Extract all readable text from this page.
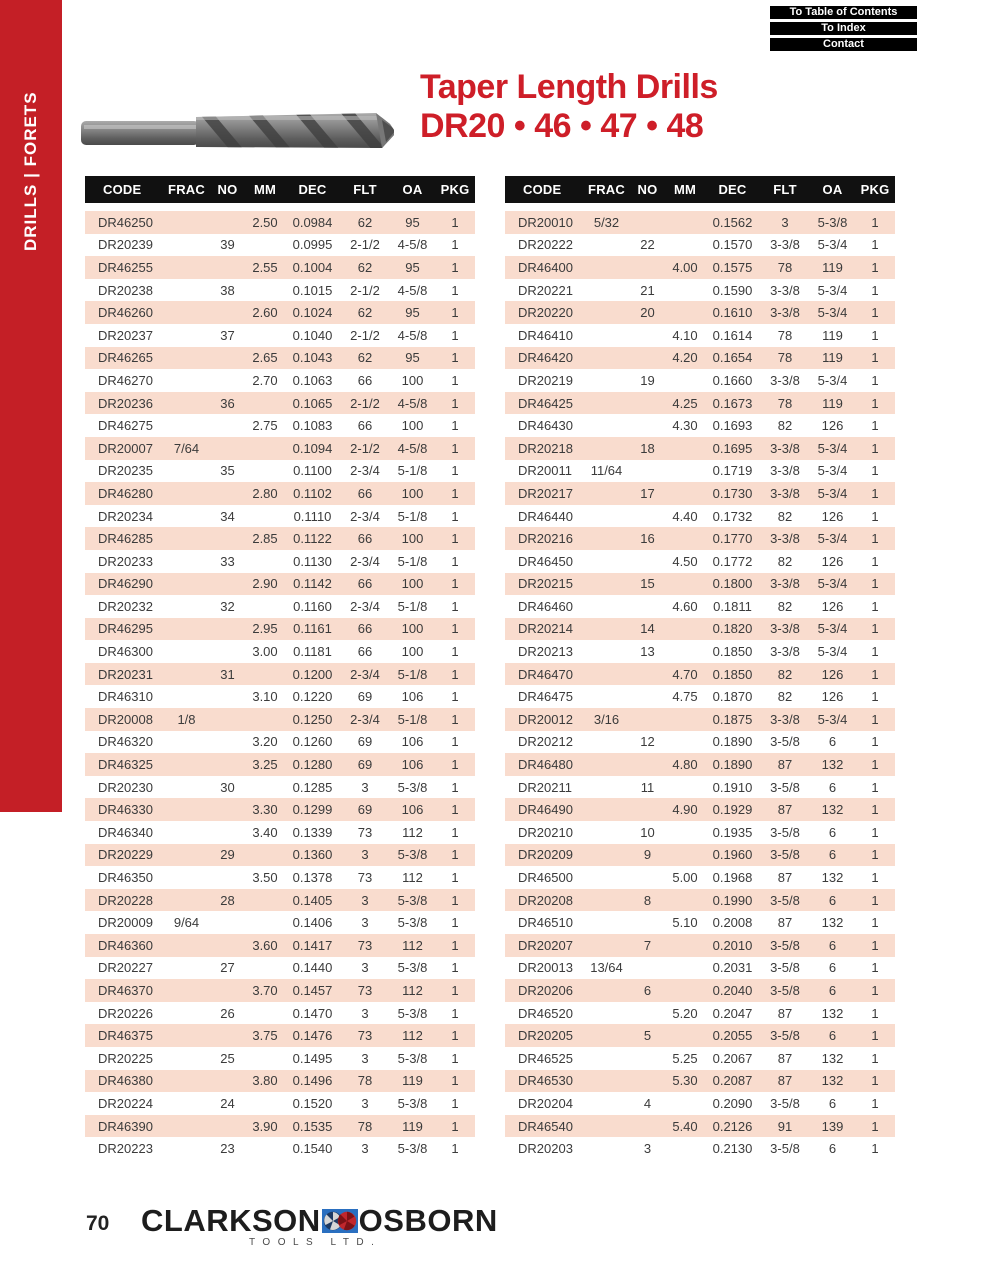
DRILLS | FORETS
To Table of Contents
To Index
Contact
Taper Length Drills
DR20 • 46 • 47 • 48
CODE	FRAC	NO	MM	DEC	FLT	OA	PKG
DR46250			2.50	0.0984	62	95	1
DR20239		39		0.0995	2-1/2	4-5/8	1
DR46255			2.55	0.1004	62	95	1
DR20238		38		0.1015	2-1/2	4-5/8	1
DR46260			2.60	0.1024	62	95	1
DR20237		37		0.1040	2-1/2	4-5/8	1
DR46265			2.65	0.1043	62	95	1
DR46270			2.70	0.1063	66	100	1
DR20236		36		0.1065	2-1/2	4-5/8	1
DR46275			2.75	0.1083	66	100	1
DR20007	7/64			0.1094	2-1/2	4-5/8	1
DR20235		35		0.1100	2-3/4	5-1/8	1
DR46280			2.80	0.1102	66	100	1
DR20234		34		0.1110	2-3/4	5-1/8	1
DR46285			2.85	0.1122	66	100	1
DR20233		33		0.1130	2-3/4	5-1/8	1
DR46290			2.90	0.1142	66	100	1
DR20232		32		0.1160	2-3/4	5-1/8	1
DR46295			2.95	0.1161	66	100	1
DR46300			3.00	0.1181	66	100	1
DR20231		31		0.1200	2-3/4	5-1/8	1
DR46310			3.10	0.1220	69	106	1
DR20008	1/8			0.1250	2-3/4	5-1/8	1
DR46320			3.20	0.1260	69	106	1
DR46325			3.25	0.1280	69	106	1
DR20230		30		0.1285	3	5-3/8	1
DR46330			3.30	0.1299	69	106	1
DR46340			3.40	0.1339	73	112	1
DR20229		29		0.1360	3	5-3/8	1
DR46350			3.50	0.1378	73	112	1
DR20228		28		0.1405	3	5-3/8	1
DR20009	9/64			0.1406	3	5-3/8	1
DR46360			3.60	0.1417	73	112	1
DR20227		27		0.1440	3	5-3/8	1
DR46370			3.70	0.1457	73	112	1
DR20226		26		0.1470	3	5-3/8	1
DR46375			3.75	0.1476	73	112	1
DR20225		25		0.1495	3	5-3/8	1
DR46380			3.80	0.1496	78	119	1
DR20224		24		0.1520	3	5-3/8	1
DR46390			3.90	0.1535	78	119	1
DR20223		23		0.1540	3	5-3/8	1
CODE	FRAC	NO	MM	DEC	FLT	OA	PKG
DR20010	5/32			0.1562	3	5-3/8	1
DR20222		22		0.1570	3-3/8	5-3/4	1
DR46400			4.00	0.1575	78	119	1
DR20221		21		0.1590	3-3/8	5-3/4	1
DR20220		20		0.1610	3-3/8	5-3/4	1
DR46410			4.10	0.1614	78	119	1
DR46420			4.20	0.1654	78	119	1
DR20219		19		0.1660	3-3/8	5-3/4	1
DR46425			4.25	0.1673	78	119	1
DR46430			4.30	0.1693	82	126	1
DR20218		18		0.1695	3-3/8	5-3/4	1
DR20011	11/64			0.1719	3-3/8	5-3/4	1
DR20217		17		0.1730	3-3/8	5-3/4	1
DR46440			4.40	0.1732	82	126	1
DR20216		16		0.1770	3-3/8	5-3/4	1
DR46450			4.50	0.1772	82	126	1
DR20215		15		0.1800	3-3/8	5-3/4	1
DR46460			4.60	0.1811	82	126	1
DR20214		14		0.1820	3-3/8	5-3/4	1
DR20213		13		0.1850	3-3/8	5-3/4	1
DR46470			4.70	0.1850	82	126	1
DR46475			4.75	0.1870	82	126	1
DR20012	3/16			0.1875	3-3/8	5-3/4	1
DR20212		12		0.1890	3-5/8	6	1
DR46480			4.80	0.1890	87	132	1
DR20211		11		0.1910	3-5/8	6	1
DR46490			4.90	0.1929	87	132	1
DR20210		10		0.1935	3-5/8	6	1
DR20209		9		0.1960	3-5/8	6	1
DR46500			5.00	0.1968	87	132	1
DR20208		8		0.1990	3-5/8	6	1
DR46510			5.10	0.2008	87	132	1
DR20207		7		0.2010	3-5/8	6	1
DR20013	13/64			0.2031	3-5/8	6	1
DR20206		6		0.2040	3-5/8	6	1
DR46520			5.20	0.2047	87	132	1
DR20205		5		0.2055	3-5/8	6	1
DR46525			5.25	0.2067	87	132	1
DR46530			5.30	0.2087	87	132	1
DR20204		4		0.2090	3-5/8	6	1
DR46540			5.40	0.2126	91	139	1
DR20203		3		0.2130	3-5/8	6	1
70 CLARKSON OSBORN
TOOLS LTD.
